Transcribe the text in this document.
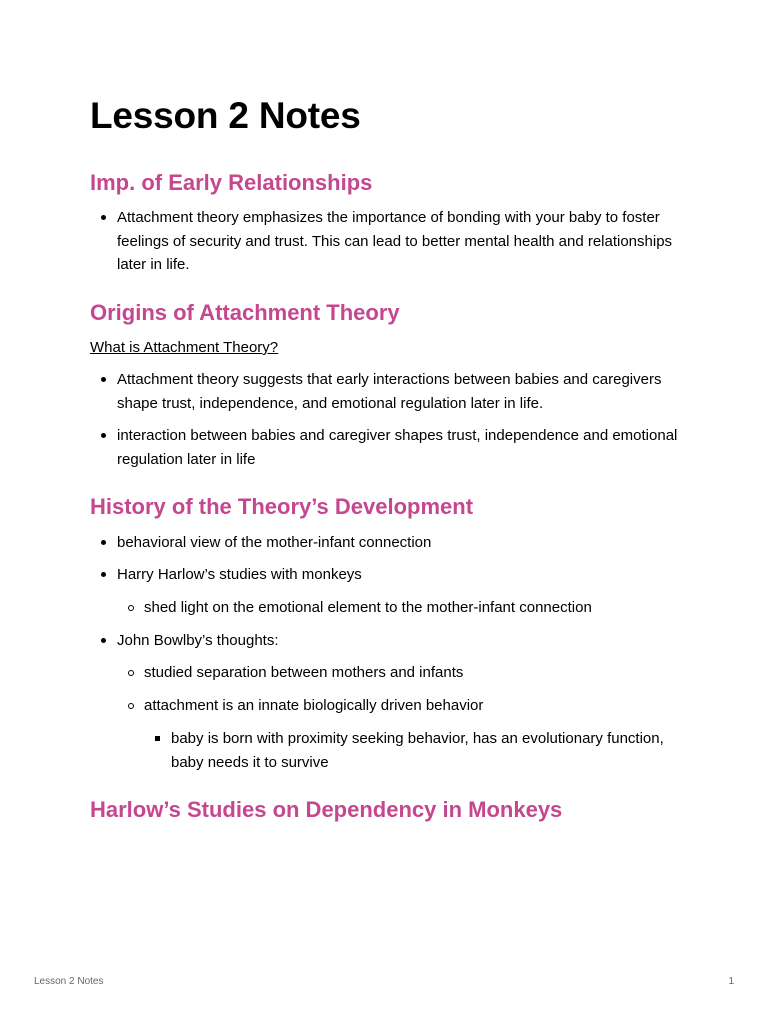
Lesson 2 Notes
Imp. of Early Relationships
Attachment theory emphasizes the importance of bonding with your baby to foster feelings of security and trust. This can lead to better mental health and relationships later in life.
Origins of Attachment Theory

What is Attachment Theory?

Attachment theory suggests that early interactions between babies and caregivers shape trust, independence, and emotional regulation later in life.
interaction between babies and caregiver shapes trust, independence and emotional regulation later in life
History of the Theory’s Development
behavioral view of the mother-infant connection
Harry Harlow’s studies with monkeys
shed light on the emotional element to the mother-infant connection
John Bowlby’s thoughts:
studied separation between mothers and infants
attachment is an innate biologically driven behavior
baby is born with proximity seeking behavior, has an evolutionary function, baby needs it to survive
Harlow’s Studies on Dependency in Monkeys
Lesson 2 Notes	1
